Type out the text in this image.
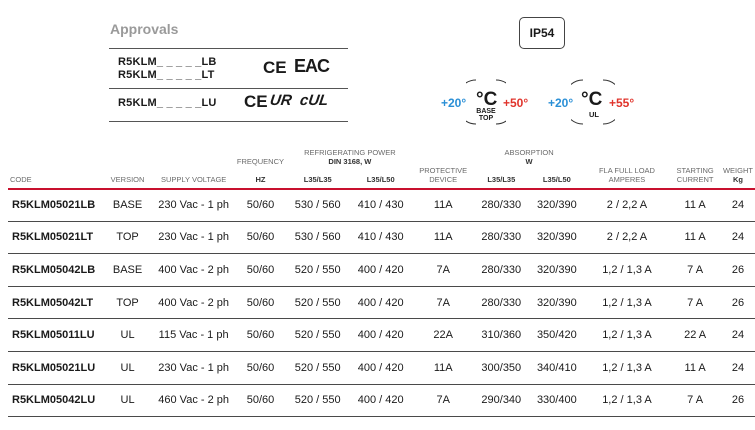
Approvals
R5KLM_ _ _ _ _LB
R5KLM_ _ _ _ _LT	CE EAC
R5KLM_ _ _ _ _LU CE UR cUL
IP54
+20°	+50°
°C
BASE
TOP
+20°	+55°
°C
UL
			FREQUENCY	REFRIGERATING POWER
DIN 3168, W			ABSORPTION
W				
CODE	VERSION	SUPPLY VOLTAGE	HZ	L35/L35	L35/L50	PROTECTIVE DEVICE	L35/L35	L35/L50	FLA FULL LOAD AMPERES	STARTING CURRENT	WEIGHT
Kg
R5KLM05021LB	BASE	230 Vac - 1 ph	50/60	530 / 560	410 / 430	11A	280/330	320/390	2 / 2,2 A	11 A	24
R5KLM05021LT	TOP	230 Vac - 1 ph	50/60	530 / 560	410 / 430	11A	280/330	320/390	2 / 2,2 A	11 A	24
R5KLM05042LB	BASE	400 Vac - 2 ph	50/60	520 / 550	400 / 420	7A	280/330	320/390	1,2 / 1,3 A	7 A	26
R5KLM05042LT	TOP	400 Vac - 2 ph	50/60	520 / 550	400 / 420	7A	280/330	320/390	1,2 / 1,3 A	7 A	26
R5KLM05011LU	UL	115 Vac - 1 ph	50/60	520 / 550	400 / 420	22A	310/360	350/420	1,2 / 1,3 A	22 A	24
R5KLM05021LU	UL	230 Vac - 1 ph	50/60	520 / 550	400 / 420	11A	300/350	340/410	1,2 / 1,3 A	11 A	24
R5KLM05042LU	UL	460 Vac - 2 ph	50/60	520 / 550	400 / 420	7A	290/340	330/400	1,2 / 1,3 A	7 A	26
